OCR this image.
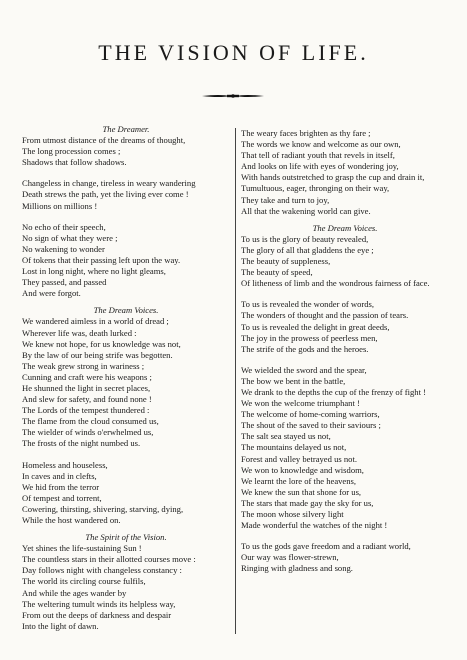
THE VISION OF LIFE.

The Dreamer.

From utmost distance of the dreams of thought,

The long procession comes ;

Shadows that follow shadows.

Changeless in change, tireless in weary wandering

Death strews the path, yet the living ever come !

Millions on millions !

No echo of their speech,

No sign of what they were ;

No wakening to wonder

Of tokens that their passing left upon the way.

Lost in long night, where no light gleams,

They passed, and passed

And were forgot.

The Dream Voices.

We wandered aimless in a world of dread ;

Wherever life was, death lurked :

We knew not hope, for us knowledge was not,

By the law of our being strife was begotten.

The weak grew strong in wariness ;

Cunning and craft were his weapons ;

He shunned the light in secret places,

And slew for safety, and found none !

The Lords of the tempest thundered :

The flame from the cloud consumed us,

The wielder of winds o'erwhelmed us,

The frosts of the night numbed us.

Homeless and houseless,

In caves and in clefts,

We hid from the terror

Of tempest and torrent,

Cowering, thirsting, shivering, starving, dying,

While the host wandered on.

The Spirit of the Vision.

Yet shines the life-sustaining Sun !

The countless stars in their allotted courses move :

Day follows night with changeless constancy :

The world its circling course fulfils,

And while the ages wander by

The weltering tumult winds its helpless way,

From out the deeps of darkness and despair

Into the light of dawn.

The weary faces brighten as thy fare ;

The words we know and welcome as our own,

That tell of radiant youth that revels in itself,

And looks on life with eyes of wondering joy,

With hands outstretched to grasp the cup and drain it,

Tumultuous, eager, thronging on their way,

They take and turn to joy,

All that the wakening world can give.

The Dream Voices.

To us is the glory of beauty revealed,

The glory of all that gladdens the eye ;

The beauty of suppleness,

The beauty of speed,

Of litheness of limb and the wondrous fairness of face.

To us is revealed the wonder of words,

The wonders of thought and the passion of tears.

To us is revealed the delight in great deeds,

The joy in the prowess of peerless men,

The strife of the gods and the heroes.

We wielded the sword and the spear,

The bow we bent in the battle,

We drank to the depths the cup of the frenzy of fight !

We won the welcome triumphant !

The welcome of home-coming warriors,

The shout of the saved to their saviours ;

The salt sea stayed us not,

The mountains delayed us not,

Forest and valley betrayed us not.

We won to knowledge and wisdom,

We learnt the lore of the heavens,

We knew the sun that shone for us,

The stars that made gay the sky for us,

The moon whose silvery light

Made wonderful the watches of the night !

To us the gods gave freedom and a radiant world,

Our way was flower-strewn,

Ringing with gladness and song.
